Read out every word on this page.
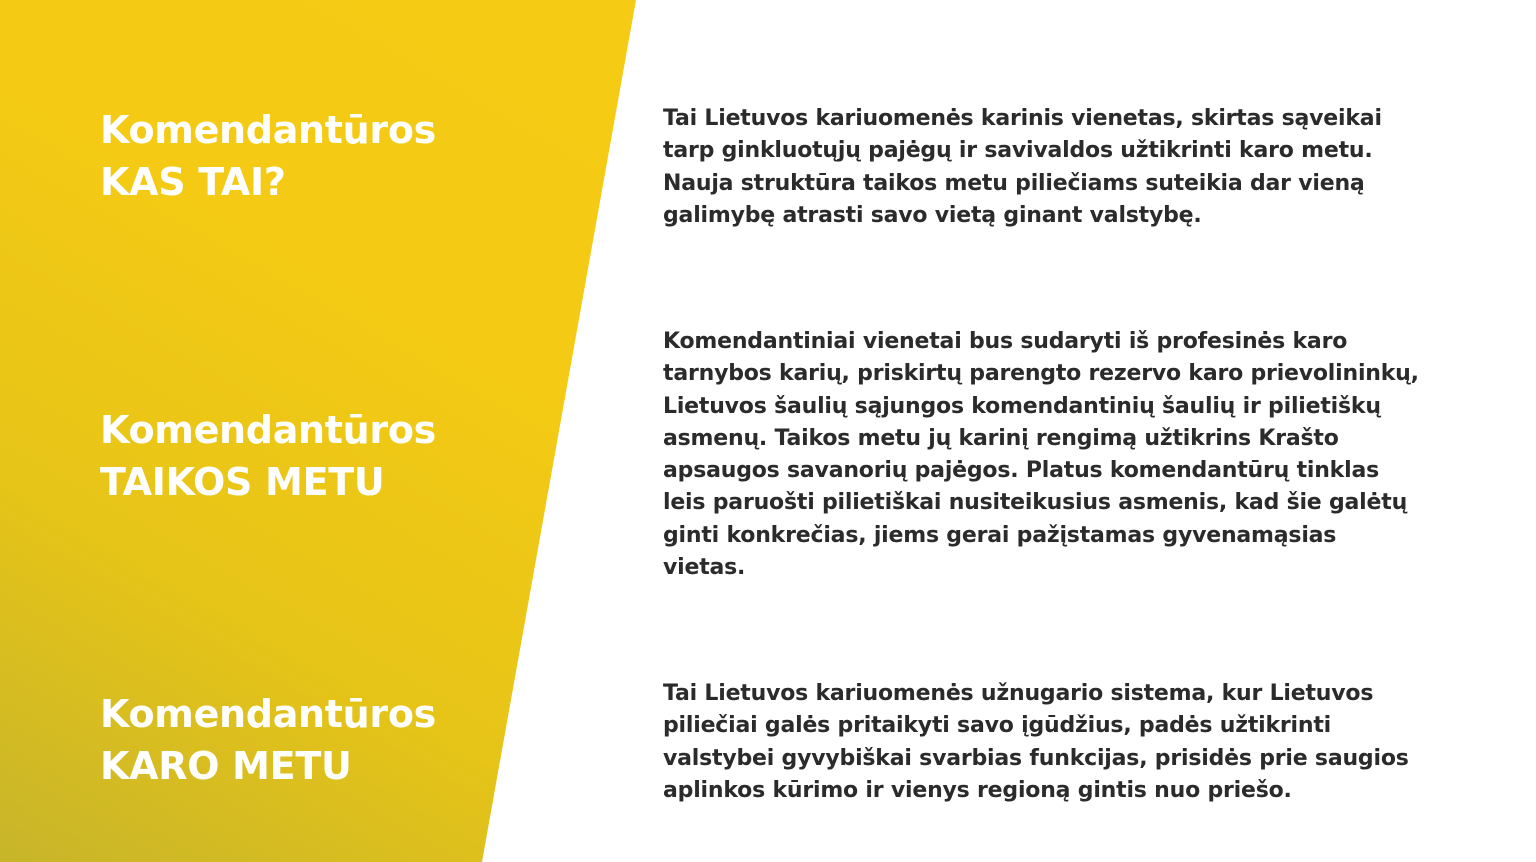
Komendantūros
KAS TAI?

Tai Lietuvos kariuomenės karinis vienetas, skirtas sąveikai
tarp ginkluotųjų pajėgų ir savivaldos užtikrinti karo metu.
Nauja struktūra taikos metu piliečiams suteikia dar vieną
galimybę atrasti savo vietą ginant valstybę.

Komendantūros
TAIKOS METU

Komendantiniai vienetai bus sudaryti iš profesinės karo
tarnybos karių, priskirtų parengto rezervo karo prievolininkų,
Lietuvos šaulių sąjungos komendantinių šaulių ir pilietiškų
asmenų. Taikos metu jų karinį rengimą užtikrins Krašto
apsaugos savanorių pajėgos. Platus komendantūrų tinklas
leis paruošti pilietiškai nusiteikusius asmenis, kad šie galėtų
ginti konkrečias, jiems gerai pažįstamas gyvenamąsias
vietas.

Komendantūros
KARO METU

Tai Lietuvos kariuomenės užnugario sistema, kur Lietuvos
piliečiai galės pritaikyti savo įgūdžius, padės užtikrinti
valstybei gyvybiškai svarbias funkcijas, prisidės prie saugios
aplinkos kūrimo ir vienys regioną gintis nuo priešo.
